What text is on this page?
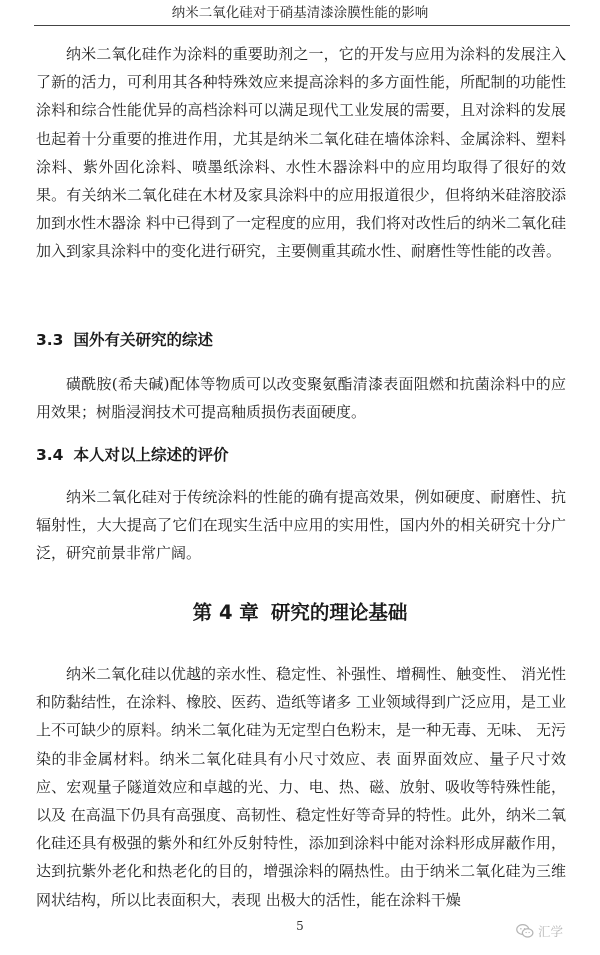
纳米二氧化硅对于硝基清漆涂膜性能的影响

纳米二氧化硅作为涂料的重要助剂之一，它的开发与应用为涂料的发展注入了新的活力，可利用其各种特殊效应来提高涂料的多方面性能，所配制的功能性涂料和综合性能优异的高档涂料可以满足现代工业发展的需要，且对涂料的发展也起着十分重要的推进作用，尤其是纳米二氧化硅在墙体涂料、金属涂料、塑料涂料、紫外固化涂料、喷墨纸涂料、水性木器涂料中的应用均取得了很好的效果。有关纳米二氧化硅在木材及家具涂料中的应用报道很少，但将纳米硅溶胶添加到水性木器涂 料中已得到了一定程度的应用，我们将对改性后的纳米二氧化硅加入到家具涂料中的变化进行研究，主要侧重其疏水性、耐磨性等性能的改善。

3.3 国外有关研究的综述

磺酰胺(希夫碱)配体等物质可以改变聚氨酯清漆表面阻燃和抗菌涂料中的应用效果；树脂浸润技术可提高釉质损伤表面硬度。

3.4 本人对以上综述的评价

纳米二氧化硅对于传统涂料的性能的确有提高效果，例如硬度、耐磨性、抗辐射性，大大提高了它们在现实生活中应用的实用性，国内外的相关研究十分广泛，研究前景非常广阔。

第 4 章 研究的理论基础

纳米二氧化硅以优越的亲水性、稳定性、补强性、增稠性、触变性、 消光性和防黏结性，在涂料、橡胶、医药、造纸等诸多 工业领域得到广泛应用，是工业上不可缺少的原料。纳米二氧化硅为无定型白色粉末，是一种无毒、无味、 无污染的非金属材料。纳米二氧化硅具有小尺寸效应、表 面界面效应、量子尺寸效应、宏观量子隧道效应和卓越的光、力、电、热、磁、放射、吸收等特殊性能，以及 在高温下仍具有高强度、高韧性、稳定性好等奇异的特性。此外，纳米二氧化硅还具有极强的紫外和红外反射特性，添加到涂料中能对涂料形成屏蔽作用，达到抗紫外老化和热老化的目的，增强涂料的隔热性。由于纳米二氧化硅为三维网状结构，所以比表面积大，表现 出极大的活性，能在涂料干燥

5	汇学
